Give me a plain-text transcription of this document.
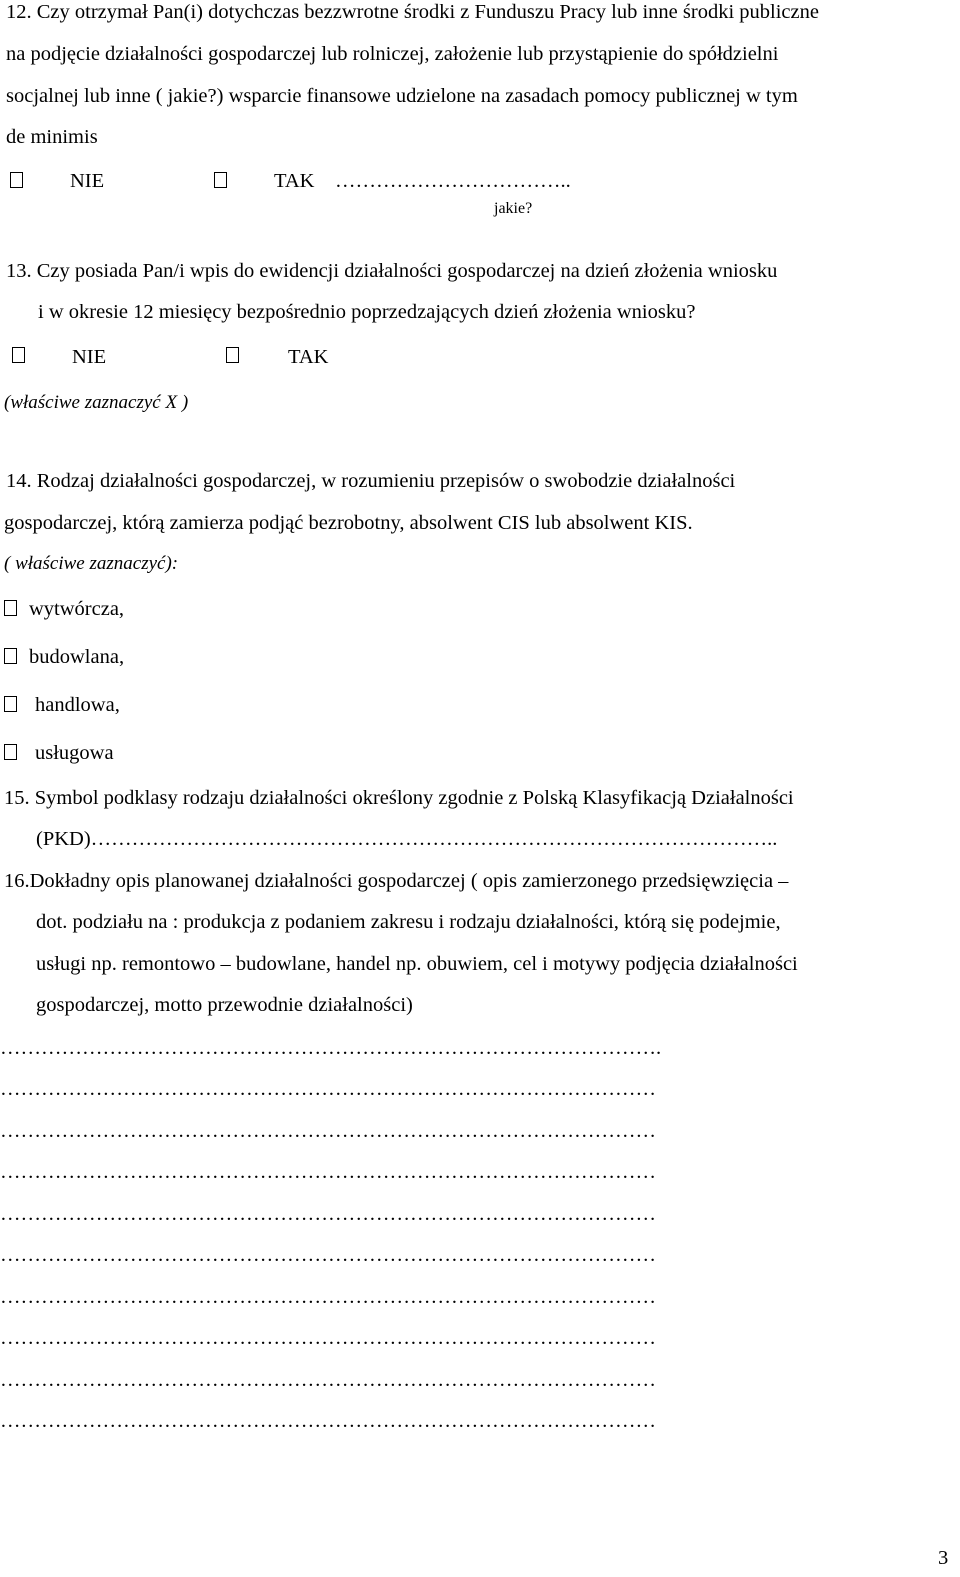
12. Czy otrzymał Pan(i) dotychczas bezzwrotne środki z Funduszu Pracy lub inne środki publiczne
na podjęcie działalności gospodarczej lub rolniczej, założenie lub przystąpienie do spółdzielni
socjalnej lub inne ( jakie?) wsparcie finansowe udzielone na zasadach pomocy publicznej w tym
de minimis
NIE	TAK ……………………………..
jakie?
13. Czy posiada Pan/i wpis do ewidencji działalności gospodarczej na dzień złożenia wniosku
i w okresie 12 miesięcy bezpośrednio poprzedzających dzień złożenia wniosku?
NIE	TAK
(właściwe zaznaczyć X )
14. Rodzaj działalności gospodarczej, w rozumieniu przepisów o swobodzie działalności
gospodarczej, którą zamierza podjąć bezrobotny, absolwent CIS lub absolwent KIS.
( właściwe zaznaczyć):
wytwórcza,
budowlana,
handlowa,
usługowa
15. Symbol podklasy rodzaju działalności określony zgodnie z Polską Klasyfikacją Działalności
(PKD)………………………………………………………………………………………..
16.Dokładny opis planowanej działalności gospodarczej ( opis zamierzonego przedsięwzięcia –
dot. podziału na : produkcja z podaniem zakresu i rodzaju działalności, którą się podejmie,
usługi np. remontowo – budowlane, handel np. obuwiem, cel i motywy podjęcia działalności
gospodarczej, motto przewodnie działalności)
…………………………………………………………………………………….
……………………………………………………………………………………
……………………………………………………………………………………
……………………………………………………………………………………
……………………………………………………………………………………
……………………………………………………………………………………
……………………………………………………………………………………
……………………………………………………………………………………
……………………………………………………………………………………
……………………………………………………………………………………
3
